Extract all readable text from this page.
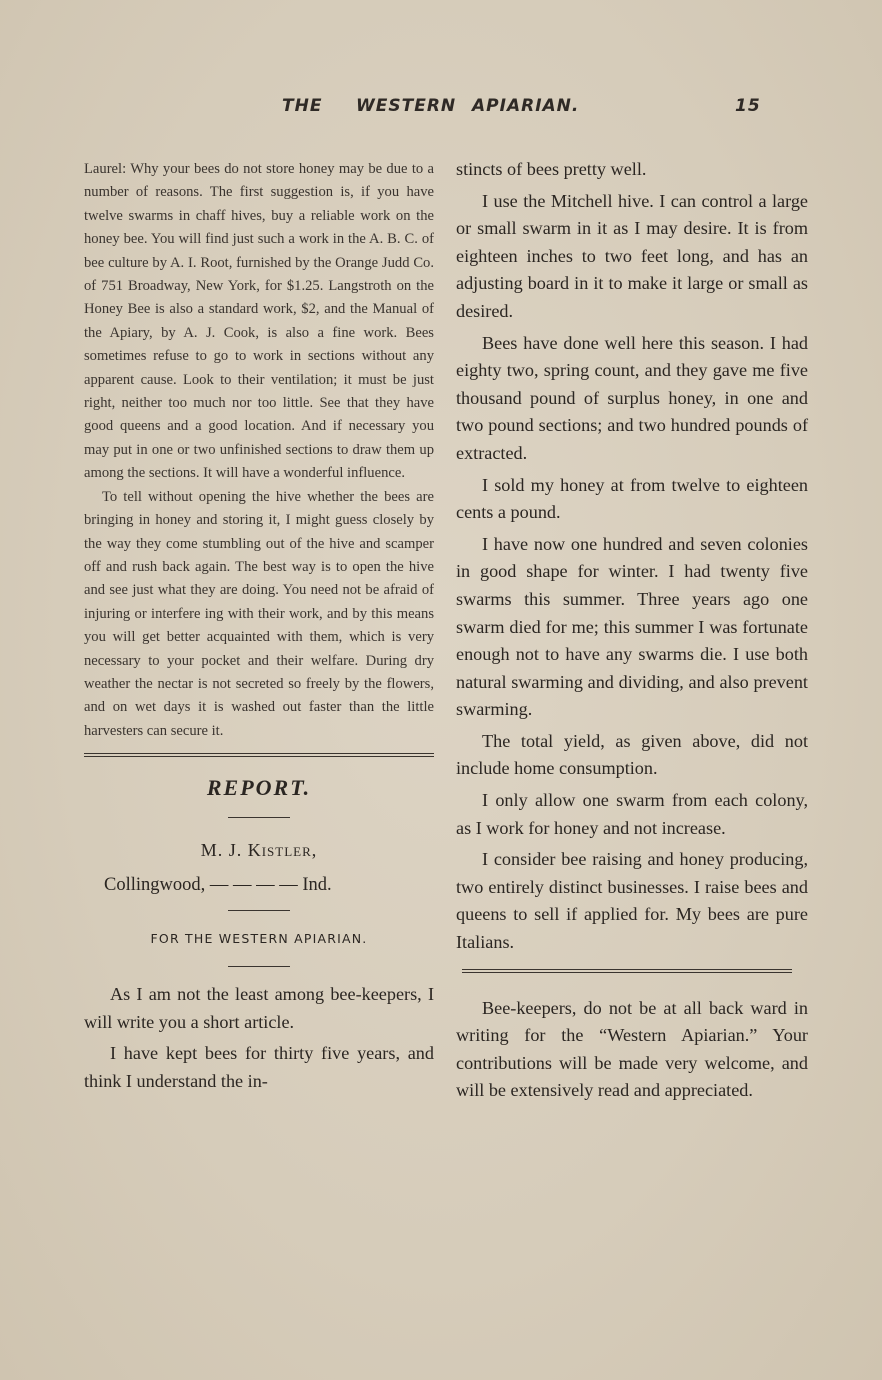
THE WESTERN APIARIAN.	15

Laurel: Why your bees do not store honey may be due to a number of reasons. The first suggestion is, if you have twelve swarms in chaff hives, buy a reliable work on the honey bee. You will find just such a work in the A. B. C. of bee culture by A. I. Root, furnished by the Orange Judd Co. of 751 Broadway, New York, for $1.25. Langstroth on the Honey Bee is also a standard work, $2, and the Manual of the Apiary, by A. J. Cook, is also a fine work. Bees sometimes refuse to go to work in sections without any apparent cause. Look to their ventilation; it must be just right, neither too much nor too little. See that they have good queens and a good location. And if necessary you may put in one or two unfinished sections to draw them up among the sections. It will have a wonderful influence.

To tell without opening the hive whether the bees are bringing in honey and storing it, I might guess closely by the way they come stumbling out of the hive and scamper off and rush back again. The best way is to open the hive and see just what they are doing. You need not be afraid of injuring or interfere ing with their work, and by this means you will get better acquainted with them, which is very necessary to your pocket and their welfare. During dry weather the nectar is not secreted so freely by the flowers, and on wet days it is washed out faster than the little harvesters can secure it.

REPORT.
M. J. Kistler,
Collingwood, — — — — Ind.
FOR THE WESTERN APIARIAN.

As I am not the least among bee-keepers, I will write you a short article.

I have kept bees for thirty five years, and think I understand the in-

stincts of bees pretty well.

I use the Mitchell hive. I can control a large or small swarm in it as I may desire. It is from eighteen inches to two feet long, and has an adjusting board in it to make it large or small as desired.

Bees have done well here this season. I had eighty two, spring count, and they gave me five thousand pound of surplus honey, in one and two pound sections; and two hundred pounds of extracted.

I sold my honey at from twelve to eighteen cents a pound.

I have now one hundred and seven colonies in good shape for winter. I had twenty five swarms this summer. Three years ago one swarm died for me; this summer I was fortunate enough not to have any swarms die. I use both natural swarming and dividing, and also prevent swarming.

The total yield, as given above, did not include home consumption.

I only allow one swarm from each colony, as I work for honey and not increase.

I consider bee raising and honey producing, two entirely distinct businesses. I raise bees and queens to sell if applied for. My bees are pure Italians.

Bee-keepers, do not be at all back ward in writing for the “Western Apiarian.” Your contributions will be made very welcome, and will be extensively read and appreciated.
